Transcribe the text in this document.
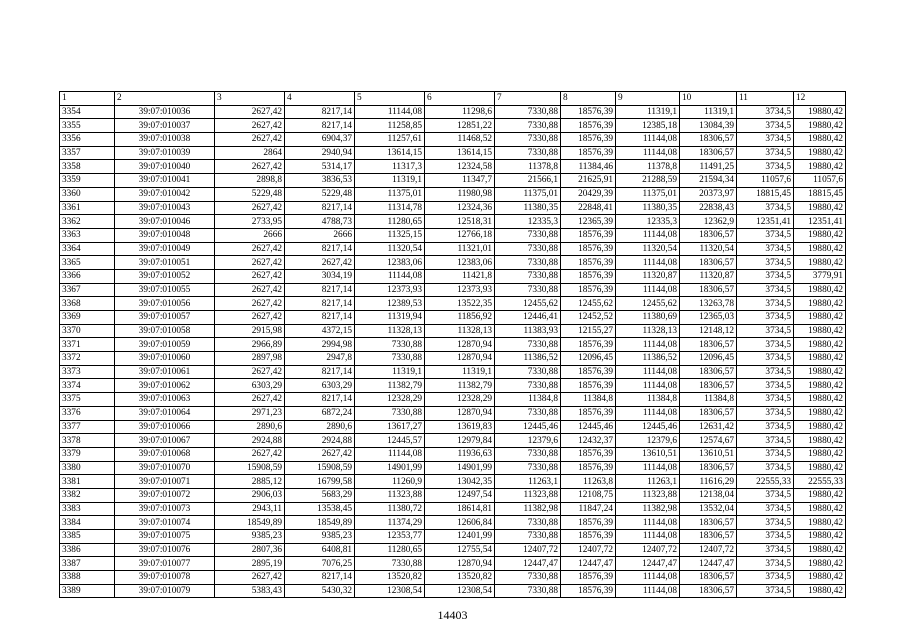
1	2	3	4	5	6	7	8	9	10	11	12
3354	39:07:010036	2627,42	8217,14	11144,08	11298,6	7330,88	18576,39	11319,1	11319,1	3734,5	19880,42
3355	39:07:010037	2627,42	8217,14	11258,85	12851,22	7330,88	18576,39	12385,18	13084,39	3734,5	19880,42
3356	39:07:010038	2627,42	6904,37	11257,61	11468,52	7330,88	18576,39	11144,08	18306,57	3734,5	19880,42
3357	39:07:010039	2864	2940,94	13614,15	13614,15	7330,88	18576,39	11144,08	18306,57	3734,5	19880,42
3358	39:07:010040	2627,42	5314,17	11317,3	12324,58	11378,8	11384,46	11378,8	11491,25	3734,5	19880,42
3359	39:07:010041	2898,8	3836,53	11319,1	11347,7	21566,1	21625,91	21288,59	21594,34	11057,6	11057,6
3360	39:07:010042	5229,48	5229,48	11375,01	11980,98	11375,01	20429,39	11375,01	20373,97	18815,45	18815,45
3361	39:07:010043	2627,42	8217,14	11314,78	12324,36	11380,35	22848,41	11380,35	22838,43	3734,5	19880,42
3362	39:07:010046	2733,95	4788,73	11280,65	12518,31	12335,3	12365,39	12335,3	12362,9	12351,41	12351,41
3363	39:07:010048	2666	2666	11325,15	12766,18	7330,88	18576,39	11144,08	18306,57	3734,5	19880,42
3364	39:07:010049	2627,42	8217,14	11320,54	11321,01	7330,88	18576,39	11320,54	11320,54	3734,5	19880,42
3365	39:07:010051	2627,42	2627,42	12383,06	12383,06	7330,88	18576,39	11144,08	18306,57	3734,5	19880,42
3366	39:07:010052	2627,42	3034,19	11144,08	11421,8	7330,88	18576,39	11320,87	11320,87	3734,5	3779,91
3367	39:07:010055	2627,42	8217,14	12373,93	12373,93	7330,88	18576,39	11144,08	18306,57	3734,5	19880,42
3368	39:07:010056	2627,42	8217,14	12389,53	13522,35	12455,62	12455,62	12455,62	13263,78	3734,5	19880,42
3369	39:07:010057	2627,42	8217,14	11319,94	11856,92	12446,41	12452,52	11380,69	12365,03	3734,5	19880,42
3370	39:07:010058	2915,98	4372,15	11328,13	11328,13	11383,93	12155,27	11328,13	12148,12	3734,5	19880,42
3371	39:07:010059	2966,89	2994,98	7330,88	12870,94	7330,88	18576,39	11144,08	18306,57	3734,5	19880,42
3372	39:07:010060	2897,98	2947,8	7330,88	12870,94	11386,52	12096,45	11386,52	12096,45	3734,5	19880,42
3373	39:07:010061	2627,42	8217,14	11319,1	11319,1	7330,88	18576,39	11144,08	18306,57	3734,5	19880,42
3374	39:07:010062	6303,29	6303,29	11382,79	11382,79	7330,88	18576,39	11144,08	18306,57	3734,5	19880,42
3375	39:07:010063	2627,42	8217,14	12328,29	12328,29	11384,8	11384,8	11384,8	11384,8	3734,5	19880,42
3376	39:07:010064	2971,23	6872,24	7330,88	12870,94	7330,88	18576,39	11144,08	18306,57	3734,5	19880,42
3377	39:07:010066	2890,6	2890,6	13617,27	13619,83	12445,46	12445,46	12445,46	12631,42	3734,5	19880,42
3378	39:07:010067	2924,88	2924,88	12445,57	12979,84	12379,6	12432,37	12379,6	12574,67	3734,5	19880,42
3379	39:07:010068	2627,42	2627,42	11144,08	11936,63	7330,88	18576,39	13610,51	13610,51	3734,5	19880,42
3380	39:07:010070	15908,59	15908,59	14901,99	14901,99	7330,88	18576,39	11144,08	18306,57	3734,5	19880,42
3381	39:07:010071	2885,12	16799,58	11260,9	13042,35	11263,1	11263,8	11263,1	11616,29	22555,33	22555,33
3382	39:07:010072	2906,03	5683,29	11323,88	12497,54	11323,88	12108,75	11323,88	12138,04	3734,5	19880,42
3383	39:07:010073	2943,11	13538,45	11380,72	18614,81	11382,98	11847,24	11382,98	13532,04	3734,5	19880,42
3384	39:07:010074	18549,89	18549,89	11374,29	12606,84	7330,88	18576,39	11144,08	18306,57	3734,5	19880,42
3385	39:07:010075	9385,23	9385,23	12353,77	12401,99	7330,88	18576,39	11144,08	18306,57	3734,5	19880,42
3386	39:07:010076	2807,36	6408,81	11280,65	12755,54	12407,72	12407,72	12407,72	12407,72	3734,5	19880,42
3387	39:07:010077	2895,19	7076,25	7330,88	12870,94	12447,47	12447,47	12447,47	12447,47	3734,5	19880,42
3388	39:07:010078	2627,42	8217,14	13520,82	13520,82	7330,88	18576,39	11144,08	18306,57	3734,5	19880,42
3389	39:07:010079	5383,43	5430,32	12308,54	12308,54	7330,88	18576,39	11144,08	18306,57	3734,5	19880,42
14403
